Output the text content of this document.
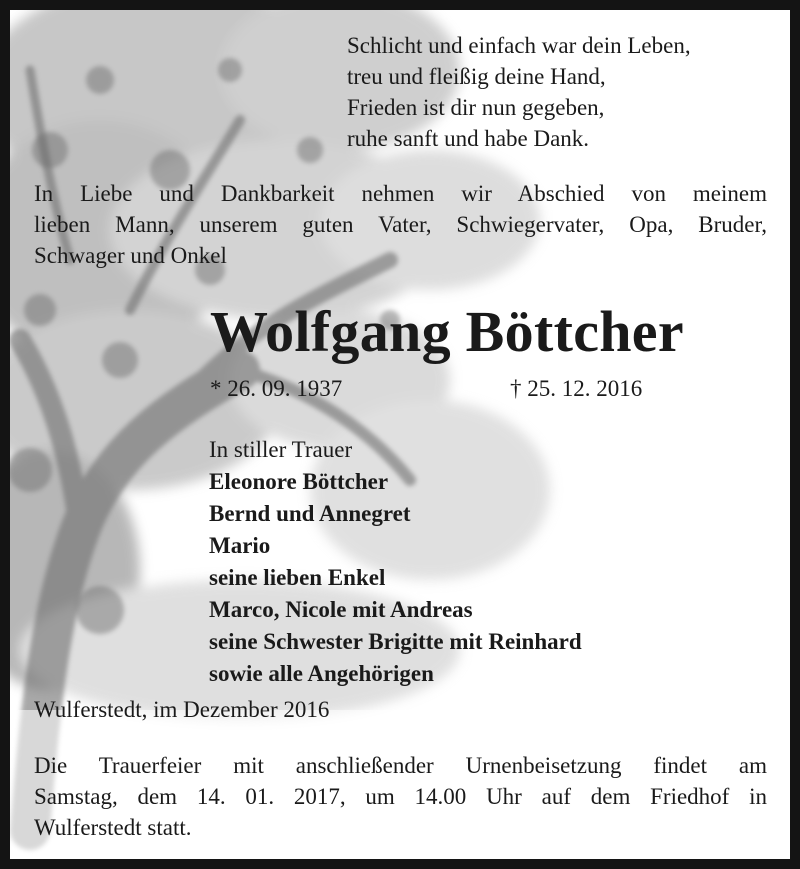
Schlicht und einfach war dein Leben,
treu und fleißig deine Hand,
Frieden ist dir nun gegeben,
ruhe sanft und habe Dank.
In Liebe und Dankbarkeit nehmen wir Abschied von meinem
lieben Mann, unserem guten Vater, Schwiegervater, Opa, Bruder,
Schwager und Onkel
Wolfgang Böttcher
* 26. 09. 1937	† 25. 12. 2016
In stiller Trauer
Eleonore Böttcher
Bernd und Annegret
Mario
seine lieben Enkel
Marco, Nicole mit Andreas
seine Schwester Brigitte mit Reinhard
sowie alle Angehörigen
Wulferstedt, im Dezember 2016
Die Trauerfeier mit anschließender Urnenbeisetzung findet am
Samstag, dem 14. 01. 2017, um 14.00 Uhr auf dem Friedhof in
Wulferstedt statt.
